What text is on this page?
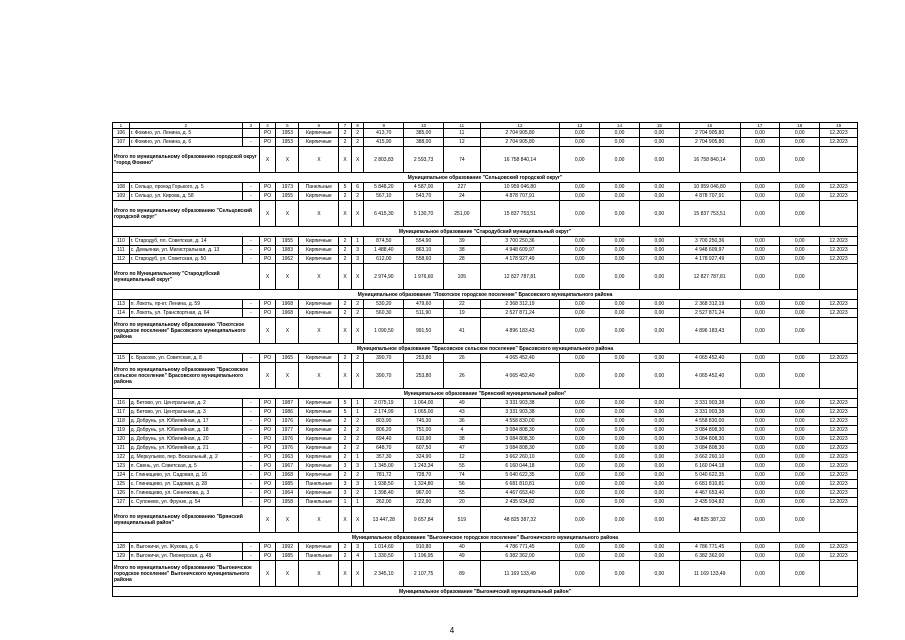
1	2	3	4	5	6	7	8	9	10	11	12	13	14	15	16	17	18	19
106	г. Фокино, ул. Ленина, д. 5		РО	1953	Кирпичные	2	2	413,70	385,00	11	2 704 905,80	0,00	0,00	0,00	2 704 905,80	0,00	0,00	12.2023
107	г. Фокино, ул. Ленина, д. 6	-	РО	1953	Кирпичные	2	2	415,90	388,00	12	2 704 905,80	0,00	0,00	0,00	2 704 905,80	0,00	0,00	12.2023
Итого по муниципальному образованию городской округ "город Фокино"			Х	Х	Х	Х	Х	2 803,83	2 593,73	74	16 758 840,14	0,00	0,00	0,00	16 758 840,14	0,00	0,00	
Муниципальное образование "Сельцовский городской округ"																		
108	г. Сельцо, проезд Горького, д. 5	-	РО	1973	Панельные	5	6	5 848,20	4 587,00	227	10 959 046,80	0,00	0,00	0,00	10 959 046,80	0,00	0,00	12.2023
109	г. Сельцо, ул. Кирова, д. 58	-	РО	1955	Кирпичные	2	2	567,10	543,70	24	4 878 707,91	0,00	0,00	0,00	4 878 707,91	0,00	0,00	12.2023
Итого по муниципальному образованию "Сельцовский городской округ"			Х	Х	Х	Х	Х	6 415,30	5 130,70	251,00	15 837 753,51	0,00	0,00	0,00	15 837 753,51	0,00	0,00	
Муниципальное образование "Стародубский муниципальный округ"																		
110	г. Стародуб, пл. Советская, д. 14	-	РО	1955	Кирпичные	2	1	874,50	554,90	39	3 700 250,36	0,00	0,00	0,00	3 700 250,36	0,00	0,00	12.2023
111	с. Демьянки, ул. Магистральная, д. 13	-	РО	1983	Кирпичные	2	3	1 488,40	863,10	38	4 948 609,97	0,00	0,00	0,00	4 948 609,97	0,00	0,00	12.2023
112	г. Стародуб, ул. Советская, д. 50	-	РО	1962	Кирпичные	2	3	612,00	558,60	28	4 178 927,49	0,00	0,00	0,00	4 178 927,49	0,00	0,00	12.2023
Итого по Муниципальному "Стародубский муниципальный округ"			Х	Х	Х	Х	Х	2 974,90	1 976,60	105	12 827 787,81	0,00	0,00	0,00	12 827 787,81	0,00	0,00	
Муниципальное образование "Локотское городское поселение" Брасовского муниципального района																		
113	п. Локоть, пр-кт. Ленина, д. 59	-	РО	1968	Кирпичные	2	2	530,20	479,60	22	2 368 312,19	0,00	0,00	0,00	2 368 312,19	0,00	0,00	12.2023
114	п. Локоть, ул. Транспортная, д. 64	-	РО	1968	Кирпичные	2	2	560,30	511,90	19	2 527 871,24	0,00	0,00	0,00	2 527 871,24	0,00	0,00	12.2023
Итого по муниципальному образованию "Локотское городское поселение" Брасовского муниципального района			Х	Х	Х	Х	Х	1 090,50	991,50	41	4 896 183,43	0,00	0,00	0,00	4 896 183,43	0,00	0,00	
Муниципальное образование "Брасовское сельское поселение" Брасовского муниципального района																		
115	с. Брасово, ул. Советская, д. 8	-	РО	1965	Кирпичные	2	2	390,70	253,80	26	4 065 452,40	0,00	0,00	0,00	4 065 452,40	0,00	0,00	12.2023
Итого по муниципальному образованию "Брасовское сельское поселение" Брасовского муниципального района			Х	Х	Х	Х	Х	390,70	253,80	26	4 065 452,40	0,00	0,00	0,00	4 065 452,40	0,00	0,00	
Муниципальное образование "Брянский муниципальный район"																		
116	д. Бетово, ул. Центральная, д. 2	-	РО	1987	Кирпичные	5	1	2 075,19	1 064,00	49	3 331 903,38	0,00	0,00	0,00	3 331 903,38	0,00	0,00	12.2023
117	д. Бетово, ул. Центральная, д. 3	-	РО	1986	Кирпичные	5	1	2 174,99	1 065,00	43	3 331 903,38	0,00	0,00	0,00	3 331 903,38	0,00	0,00	12.2023
118	д. Добрунь, ул. Юбилейная, д. 17	-	РО	1976	Кирпичные	2	2	803,90	745,30	36	4 558 830,00	0,00	0,00	0,00	4 558 830,00	0,00	0,00	12.2023
119	д. Добрунь, ул. Юбилейная, д. 18	-	РО	1977	Кирпичные	2	2	806,20	751,00	4	3 084 808,30	0,00	0,00	0,00	3 084 808,30	0,00	0,00	12.2023
120	д. Добрунь, ул. Юбилейная, д. 20	-	РО	1976	Кирпичные	2	2	694,40	610,90	38	3 084 808,30	0,00	0,00	0,00	3 084 808,30	0,00	0,00	12.2023
121	д. Добрунь, ул. Юбилейная, д. 21	-	РО	1976	Кирпичные	2	2	648,70	607,50	47	3 084 808,30	0,00	0,00	0,00	3 084 808,30	0,00	0,00	12.2023
122	д. Меркульево, пер. Вокзальный, д. 2	-	РО	1963	Кирпичные	2	1	357,30	324,90	12	3 662 260,10	0,00	0,00	0,00	3 662 260,10	0,00	0,00	12.2023
123	п. Свень, ул. Советская, д. 5	-	РО	1967	Кирпичные	3	3	1 345,00	1 243,34	55	6 160 044,18	0,00	0,00	0,00	6 160 044,18	0,00	0,00	12.2023
124	с. Глинищево, ул. Садовая, д. 16	-	РО	1968	Кирпичные	2	2	781,72	728,70	74	5 040 622,35	0,00	0,00	0,00	5 040 622,35	0,00	0,00	12.2023
125	с. Глинищево, ул. Садовая, д. 28	-	РО	1985	Панельные	3	3	1 938,50	1 324,80	56	6 681 810,81	0,00	0,00	0,00	6 681 810,81	0,00	0,00	12.2023
126	п. Глинищево, ул. Сеничкова, д. 3	-	РО	1964	Кирпичные	3	2	1 398,40	967,00	55	4 467 653,40	0,00	0,00	0,00	4 467 653,40	0,00	0,00	12.2023
127	с. Супонево, ул. Фрунзе, д. 54	-	РО	1958	Панельные	1	1	262,00	222,90	20	2 435 934,82	0,00	0,00	0,00	2 435 934,82	0,00	0,00	12.2023
Итого по муниципальному образованию "Брянский муниципальный район"			Х	Х	Х	Х	Х	13 447,28	9 657,84	519	48 825 387,32	0,00	0,00	0,00	48 825 387,32	0,00	0,00	
Муниципальное образование "Выгоничское городское поселение" Выгоничского муниципального района																		
128	п. Выгоничи, ул. Жукова, д. 6	-	РО	1992	Кирпичные	2	3	1 014,60	910,80	40	4 786 771,45	0,00	0,00	0,00	4 786 771,45	0,00	0,00	12.2023
129	п. Выгоничи, ул. Пионерская, д. 48	-	РО	1985	Панельные	2	4	1 330,50	1 196,95	49	6 382 362,00	0,00	0,00	0,00	6 382 362,00	0,00	0,00	12.2023
Итого по муниципальному образованию "Выгоничское городское поселение" Выгоничского муниципального района			Х	Х	Х	Х	Х	2 345,10	2 107,75	89	11 169 133,49	0,00	0,00	0,00	11 169 133,49	0,00	0,00	
Муниципальное образование "Выгоничский муниципальный район"																		
4
